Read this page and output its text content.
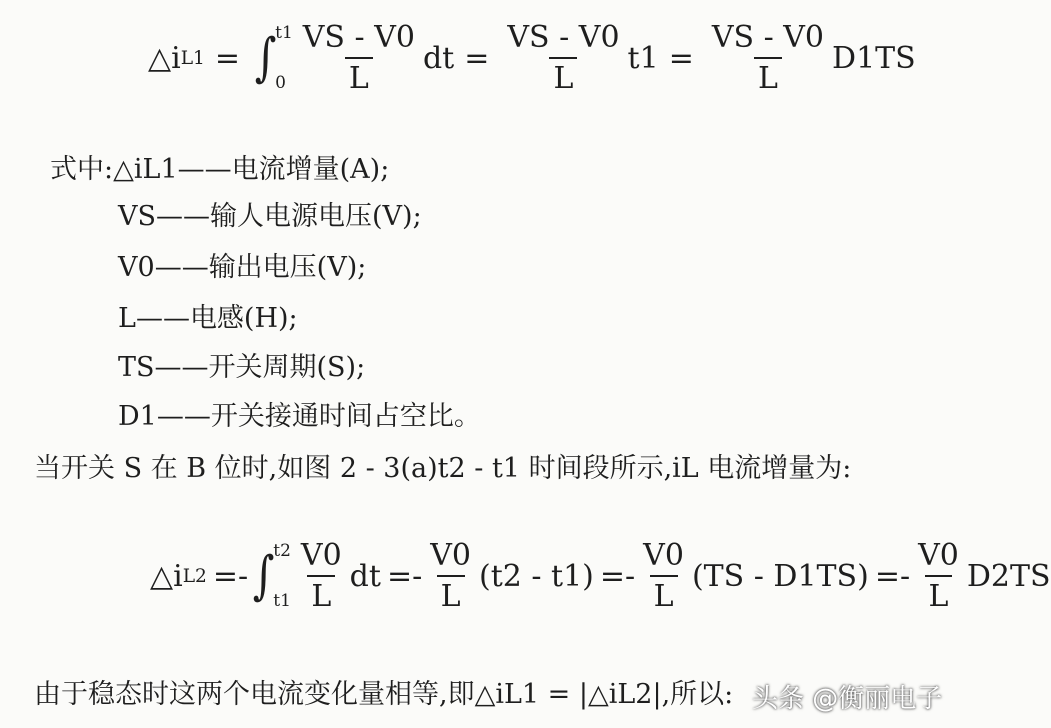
△ i L1 = ∫
t1
$0 \frac{VS - V0}{L}$ dt = $\frac{VS - V0}{L} t1 = \frac{VS - V0}{L} D1TS$
式中:△iL1——电流增量(A);
VS——输人电源电压(V);
V0——输出电压(V);
L——电感(H);
TS——开关周期(S);
D1——开关接通时间占空比。
当开关 S 在 B 位时,如图 2 - 3(a)t2 - t1 时间段所示,iL 电流增量为:
△ i L2 =- ∫
t2
$t1 \frac{V0}{L}$ dt =- $\frac{V0}{L} (t2 - t1) =- \frac{V0}{L} (TS - D1TS) =- \frac{V0}{L} D2TS$
由于稳态时这两个电流变化量相等,即△iL1 = |△iL2|,所以: 头条 @衡丽电子
